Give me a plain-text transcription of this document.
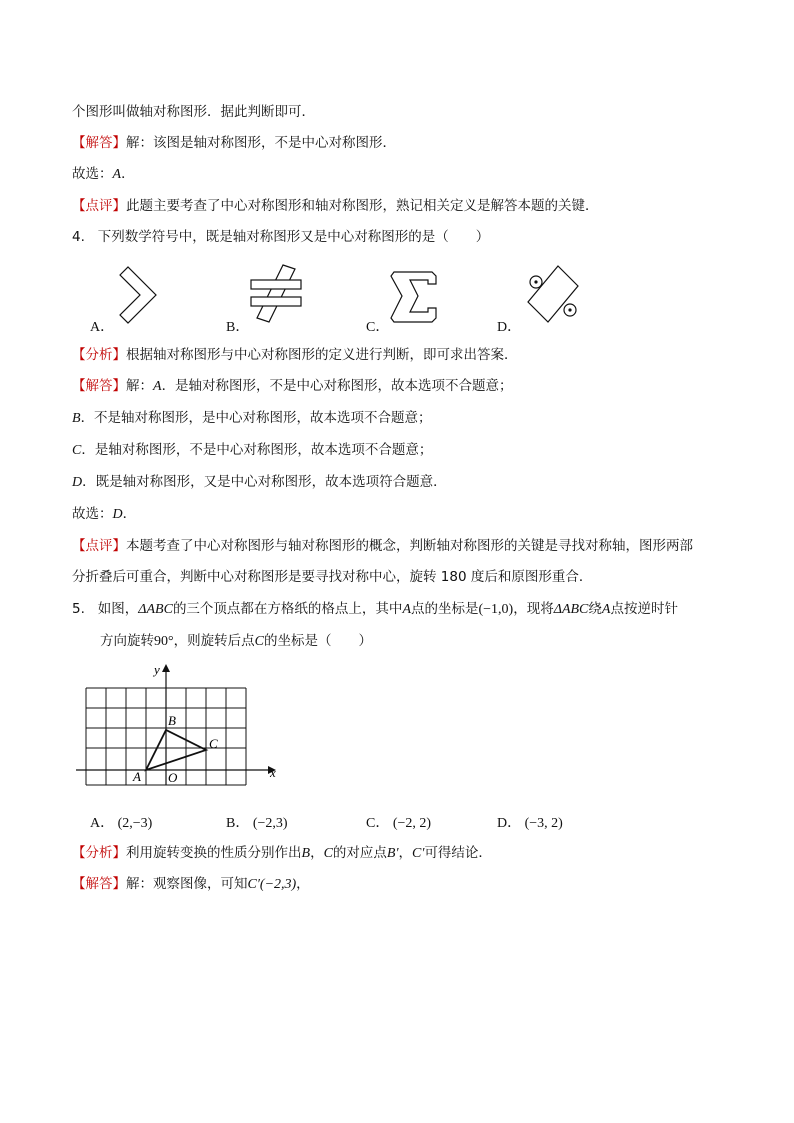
个图形叫做轴对称图形．据此判断即可．
【解答】解：该图是轴对称图形，不是中心对称图形．
故选：A．
【点评】此题主要考查了中心对称图形和轴对称图形，熟记相关定义是解答本题的关键．
4. 下列数学符号中，既是轴对称图形又是中心对称图形的是（　　）
A．	B．	C．	D．
【分析】根据轴对称图形与中心对称图形的定义进行判断，即可求出答案．
【解答】解：A．是轴对称图形，不是中心对称图形，故本选项不合题意；
B．不是轴对称图形，是中心对称图形，故本选项不合题意；
C．是轴对称图形，不是中心对称图形，故本选项不合题意；
D．既是轴对称图形，又是中心对称图形，故本选项符合题意．
故选：D．
【点评】本题考查了中心对称图形与轴对称图形的概念，判断轴对称图形的关键是寻找对称轴，图形两部
分折叠后可重合，判断中心对称图形是要寻找对称中心，旋转 180 度后和原图形重合．
5. 如图，ΔABC的三个顶点都在方格纸的格点上，其中A点的坐标是(−1,0)，现将ΔABC绕A点按逆时针
方向旋转90°，则旋转后点C的坐标是（　　）
y
x
A
B
C
O
A． (2,−3)	B． (−2,3)	C． (−2, 2)	D． (−3, 2)
【分析】利用旋转变换的性质分别作出B，C的对应点B′，C′可得结论．
【解答】解：观察图像，可知C′(−2,3)，
